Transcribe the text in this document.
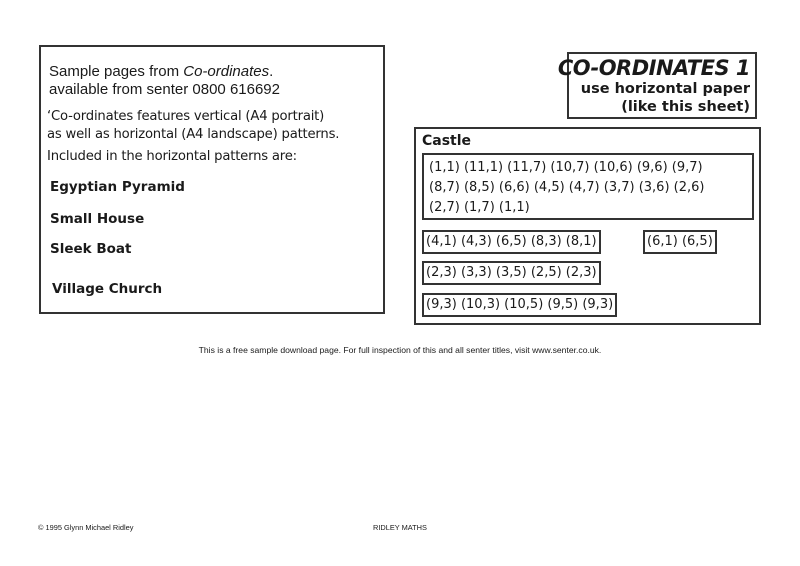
Sample pages from Co-ordinates.
available from senter 0800 616692
‘Co-ordinates features vertical (A4 portrait)
as well as horizontal (A4 landscape) patterns.
Included in the horizontal patterns are:
Egyptian Pyramid
Small House
Sleek Boat
Village Church
CO-ORDINATES 1
use horizontal paper
(like this sheet)
Castle
(1,1) (11,1) (11,7) (10,7) (10,6) (9,6) (9,7)
(8,7) (8,5) (6,6) (4,5) (4,7) (3,7) (3,6) (2,6)
(2,7) (1,7) (1,1)
(4,1) (4,3) (6,5) (8,3) (8,1)	(6,1) (6,5)
(2,3) (3,3) (3,5) (2,5) (2,3)
(9,3) (10,3) (10,5) (9,5) (9,3)
This is a free sample download page. For full inspection of this and all senter titles, visit www.senter.co.uk.
© 1995 Glynn Michael Ridley	RIDLEY MATHS
